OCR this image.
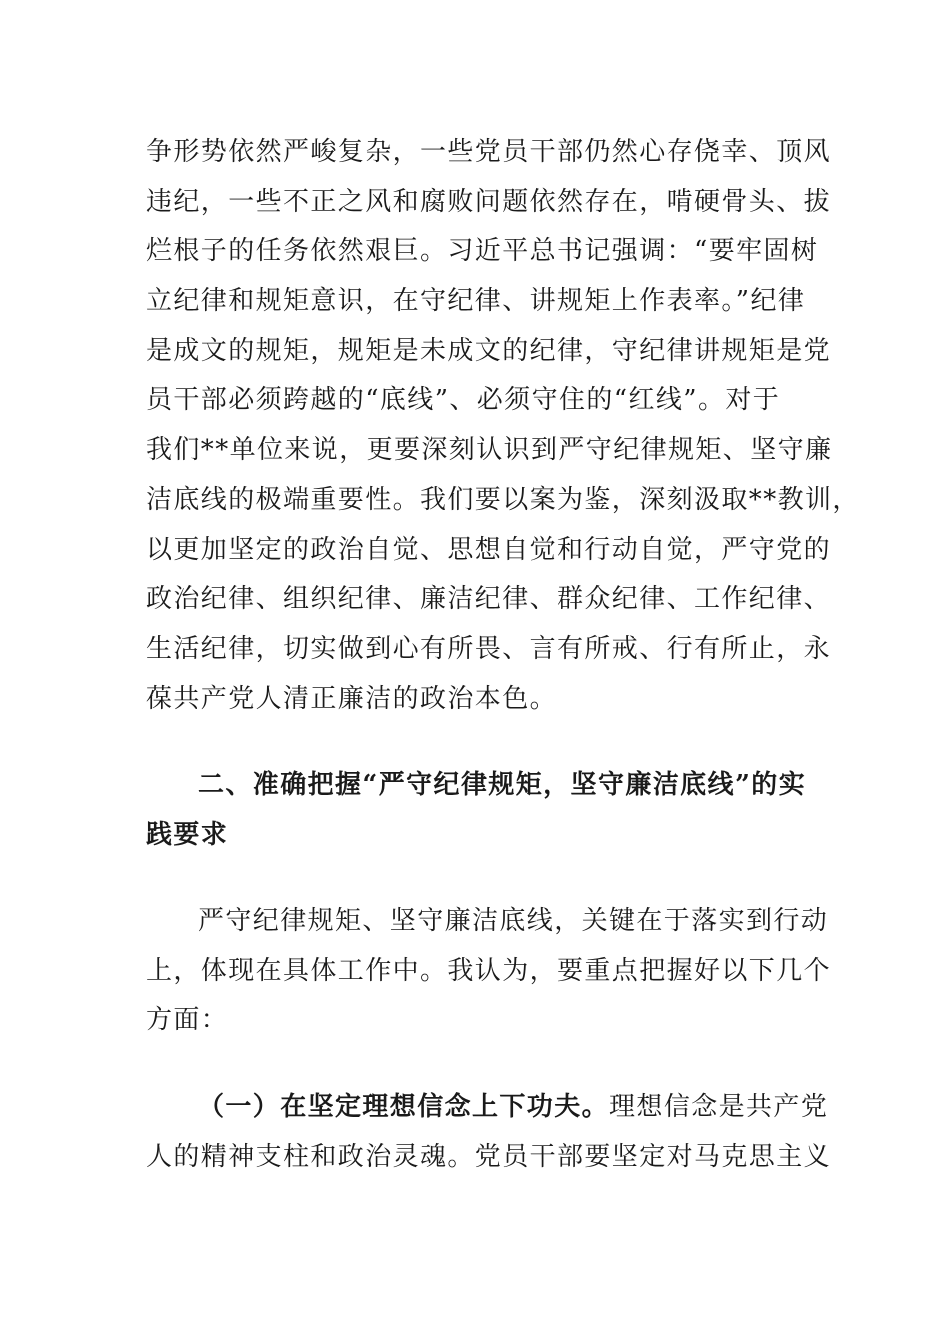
争形势依然严峻复杂，一些党员干部仍然心存侥幸、顶风
违纪，一些不正之风和腐败问题依然存在，啃硬骨头、拔
烂根子的任务依然艰巨。习近平总书记强调：“要牢固树
立纪律和规矩意识，在守纪律、讲规矩上作表率。”纪律
是成文的规矩，规矩是未成文的纪律，守纪律讲规矩是党
员干部必须跨越的“底线”、必须守住的“红线”。对于
我们**单位来说，更要深刻认识到严守纪律规矩、坚守廉
洁底线的极端重要性。我们要以案为鉴，深刻汲取**教训，
以更加坚定的政治自觉、思想自觉和行动自觉，严守党的
政治纪律、组织纪律、廉洁纪律、群众纪律、工作纪律、
生活纪律，切实做到心有所畏、言有所戒、行有所止，永
葆共产党人清正廉洁的政治本色。
二、准确把握“严守纪律规矩，坚守廉洁底线”的实
践要求
严守纪律规矩、坚守廉洁底线，关键在于落实到行动
上，体现在具体工作中。我认为，要重点把握好以下几个
方面：
（一）在坚定理想信念上下功夫。理想信念是共产党
人的精神支柱和政治灵魂。党员干部要坚定对马克思主义
